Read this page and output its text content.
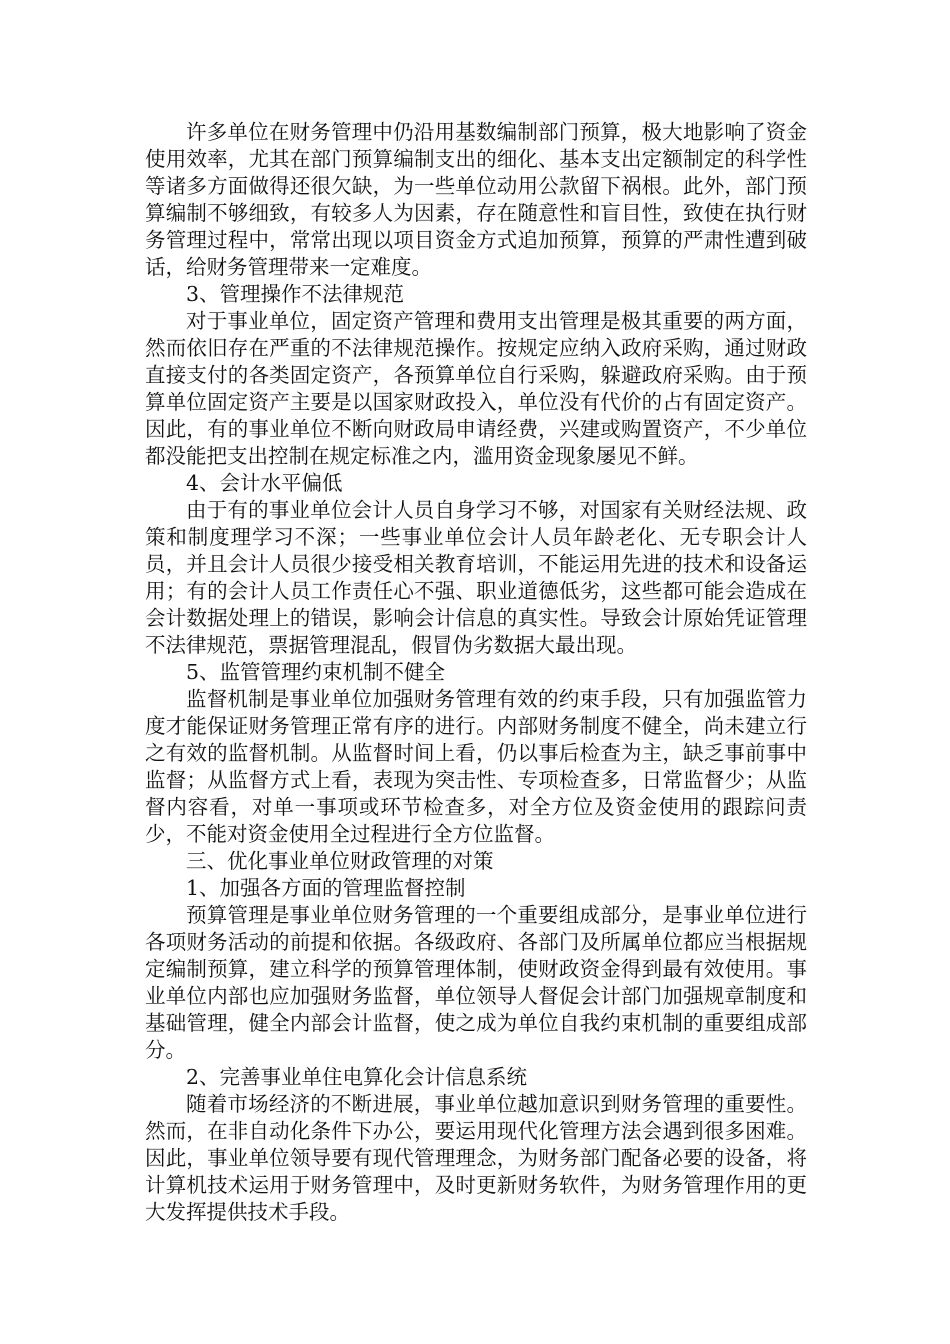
许多单位在财务管理中仍沿用基数编制部门预算，极大地影响了资金使用效率，尤其在部门预算编制支出的细化、基本支出定额制定的科学性等诸多方面做得还很欠缺，为一些单位动用公款留下祸根。此外，部门预算编制不够细致，有较多人为因素，存在随意性和盲目性，致使在执行财务管理过程中，常常出现以项目资金方式追加预算，预算的严肃性遭到破话，给财务管理带来一定难度。

3、管理操作不法律规范

对于事业单位，固定资产管理和费用支出管理是极其重要的两方面，然而依旧存在严重的不法律规范操作。按规定应纳入政府采购，通过财政直接支付的各类固定资产，各预算单位自行采购，躲避政府采购。由于预算单位固定资产主要是以国家财政投入，单位没有代价的占有固定资产。因此，有的事业单位不断向财政局申请经费，兴建或购置资产，不少单位都没能把支出控制在规定标准之内，滥用资金现象屡见不鲜。

4、会计水平偏低

由于有的事业单位会计人员自身学习不够，对国家有关财经法规、政策和制度理学习不深；一些事业单位会计人员年龄老化、无专职会计人员，并且会计人员很少接受相关教育培训，不能运用先进的技术和设备运用；有的会计人员工作责任心不强、职业道德低劣，这些都可能会造成在会计数据处理上的错误，影响会计信息的真实性。导致会计原始凭证管理不法律规范，票据管理混乱，假冒伪劣数据大最出现。

5、监管管理约束机制不健全

监督机制是事业单位加强财务管理有效的约束手段，只有加强监管力度才能保证财务管理正常有序的进行。内部财务制度不健全，尚未建立行之有效的监督机制。从监督时间上看，仍以事后检查为主，缺乏事前事中监督；从监督方式上看，表现为突击性、专项检查多，日常监督少；从监督内容看，对单一事项或环节检查多，对全方位及资金使用的跟踪问责少，不能对资金使用全过程进行全方位监督。

三、优化事业单位财政管理的对策

1、加强各方面的管理监督控制

预算管理是事业单位财务管理的一个重要组成部分，是事业单位进行各项财务活动的前提和依据。各级政府、各部门及所属单位都应当根据规定编制预算，建立科学的预算管理体制，使财政资金得到最有效使用。事业单位内部也应加强财务监督，单位领导人督促会计部门加强规章制度和基础管理，健全内部会计监督，使之成为单位自我约束机制的重要组成部分。

2、完善事业单住电算化会计信息系统

随着市场经济的不断进展，事业单位越加意识到财务管理的重要性。然而，在非自动化条件下办公，要运用现代化管理方法会遇到很多困难。因此，事业单位领导要有现代管理理念，为财务部门配备必要的设备，将计算机技术运用于财务管理中，及时更新财务软件，为财务管理作用的更大发挥提供技术手段。
